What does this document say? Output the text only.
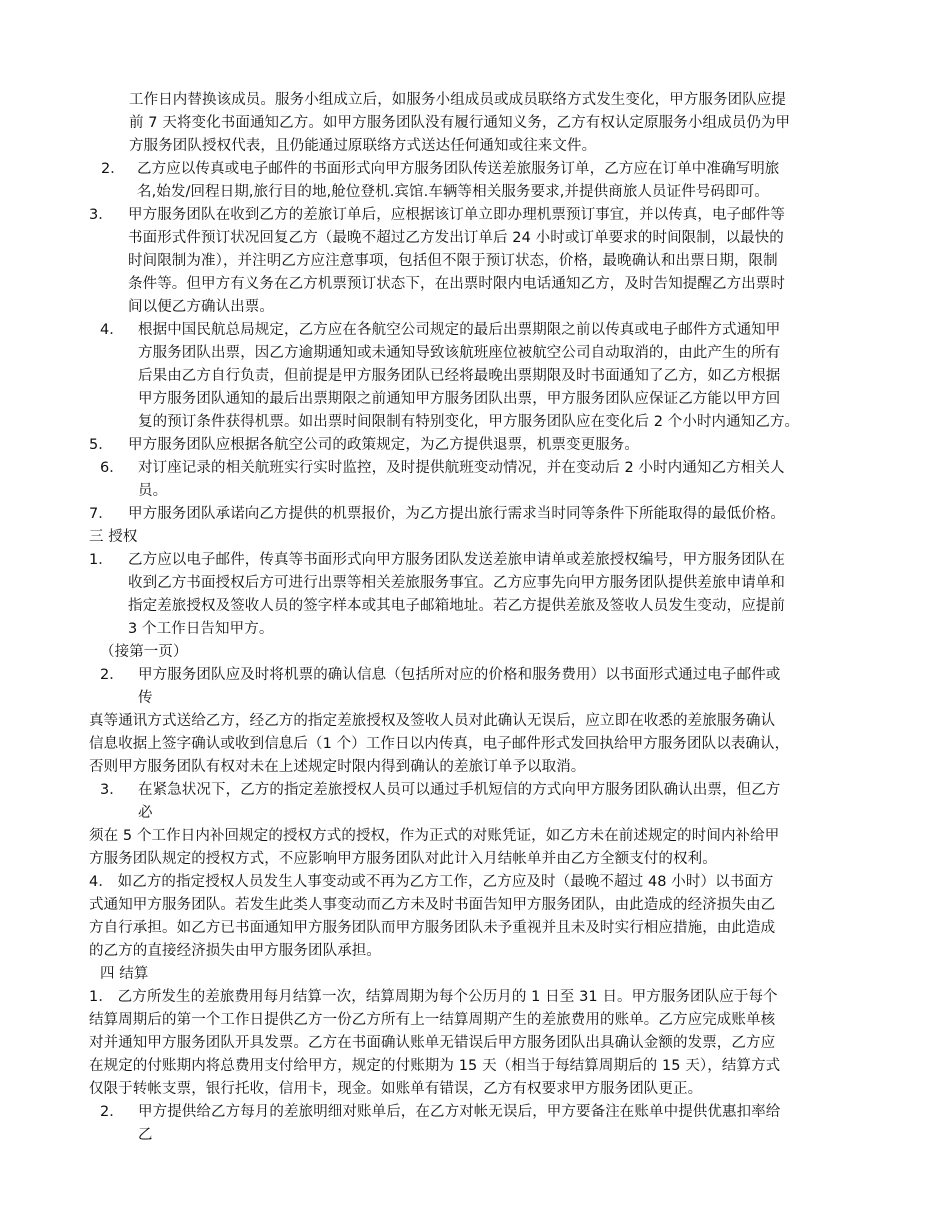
工作日内替换该成员。服务小组成立后，如服务小组成员或成员联络方式发生变化，甲方服务团队应提
前 7 天将变化书面通知乙方。如甲方服务团队没有履行通知义务，乙方有权认定原服务小组成员仍为甲
方服务团队授权代表，且仍能通过原联络方式送达任何通知或往来文件。
2． 乙方应以传真或电子邮件的书面形式向甲方服务团队传送差旅服务订单，乙方应在订单中准确写明旅
名,始发/回程日期,旅行目的地,舱位登机.宾馆.车辆等相关服务要求,并提供商旅人员证件号码即可。
3． 甲方服务团队在收到乙方的差旅订单后，应根据该订单立即办理机票预订事宜，并以传真，电子邮件等
书面形式件预订状况回复乙方（最晚不超过乙方发出订单后 24 小时或订单要求的时间限制，以最快的
时间限制为准），并注明乙方应注意事项，包括但不限于预订状态，价格，最晚确认和出票日期，限制
条件等。但甲方有义务在乙方机票预订状态下，在出票时限内电话通知乙方，及时告知提醒乙方出票时
间以便乙方确认出票。
4． 根据中国民航总局规定，乙方应在各航空公司规定的最后出票期限之前以传真或电子邮件方式通知甲
方服务团队出票，因乙方逾期通知或未通知导致该航班座位被航空公司自动取消的，由此产生的所有
后果由乙方自行负责，但前提是甲方服务团队已经将最晚出票期限及时书面通知了乙方，如乙方根据
甲方服务团队通知的最后出票期限之前通知甲方服务团队出票，甲方服务团队应保证乙方能以甲方回
复的预订条件获得机票。如出票时间限制有特别变化，甲方服务团队应在变化后 2 个小时内通知乙方。
5． 甲方服务团队应根据各航空公司的政策规定，为乙方提供退票，机票变更服务。
6． 对订座记录的相关航班实行实时监控，及时提供航班变动情况，并在变动后 2 小时内通知乙方相关人
员。
7． 甲方服务团队承诺向乙方提供的机票报价，为乙方提出旅行需求当时同等条件下所能取得的最低价格。
三 授权
1． 乙方应以电子邮件，传真等书面形式向甲方服务团队发送差旅申请单或差旅授权编号，甲方服务团队在
收到乙方书面授权后方可进行出票等相关差旅服务事宜。乙方应事先向甲方服务团队提供差旅申请单和
指定差旅授权及签收人员的签字样本或其电子邮箱地址。若乙方提供差旅及签收人员发生变动，应提前
3 个工作日告知甲方。
（接第一页）
2． 甲方服务团队应及时将机票的确认信息（包括所对应的价格和服务费用）以书面形式通过电子邮件或
传
真等通讯方式送给乙方，经乙方的指定差旅授权及签收人员对此确认无误后，应立即在收悉的差旅服务确认
信息收据上签字确认或收到信息后（1 个）工作日以内传真，电子邮件形式发回执给甲方服务团队以表确认，
否则甲方服务团队有权对未在上述规定时限内得到确认的差旅订单予以取消。
3． 在紧急状况下，乙方的指定差旅授权人员可以通过手机短信的方式向甲方服务团队确认出票，但乙方
必
须在 5 个工作日内补回规定的授权方式的授权，作为正式的对账凭证，如乙方未在前述规定的时间内补给甲
方服务团队规定的授权方式，不应影响甲方服务团队对此计入月结帐单并由乙方全额支付的权利。
4． 如乙方的指定授权人员发生人事变动或不再为乙方工作，乙方应及时（最晚不超过 48 小时）以书面方
式通知甲方服务团队。若发生此类人事变动而乙方未及时书面告知甲方服务团队，由此造成的经济损失由乙
方自行承担。如乙方已书面通知甲方服务团队而甲方服务团队未予重视并且未及时实行相应措施，由此造成
的乙方的直接经济损失由甲方服务团队承担。
四 结算
1． 乙方所发生的差旅费用每月结算一次，结算周期为每个公历月的 1 日至 31 日。甲方服务团队应于每个
结算周期后的第一个工作日提供乙方一份乙方所有上一结算周期产生的差旅费用的账单。乙方应完成账单核
对并通知甲方服务团队开具发票。乙方在书面确认账单无错误后甲方服务团队出具确认金额的发票，乙方应
在规定的付账期内将总费用支付给甲方，规定的付账期为 15 天（相当于每结算周期后的 15 天），结算方式
仅限于转帐支票，银行托收，信用卡，现金。如账单有错误，乙方有权要求甲方服务团队更正。
2． 甲方提供给乙方每月的差旅明细对账单后，在乙方对帐无误后，甲方要备注在账单中提供优惠扣率给
乙
